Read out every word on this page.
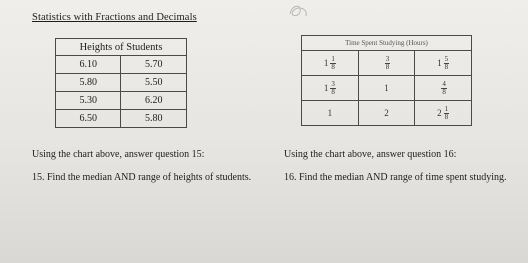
Statistics with Fractions and Decimals
Heights of Students	
6.10	5.70
5.80	5.50
5.30	6.20
6.50	5.80
Time Spent Studying (Hours)		

$1 \frac{1}{8}$	$\frac{3}{8}$	$1 \frac{5}{8}$

$1 \frac{3}{8}$	1	$\frac{4}{8}$

1	2	$2 \frac{1}{8}$
Using the chart above, answer question 15:	Using the chart above, answer question 16:
15. Find the median AND range of heights of students.	16. Find the median AND range of time spent studying.
